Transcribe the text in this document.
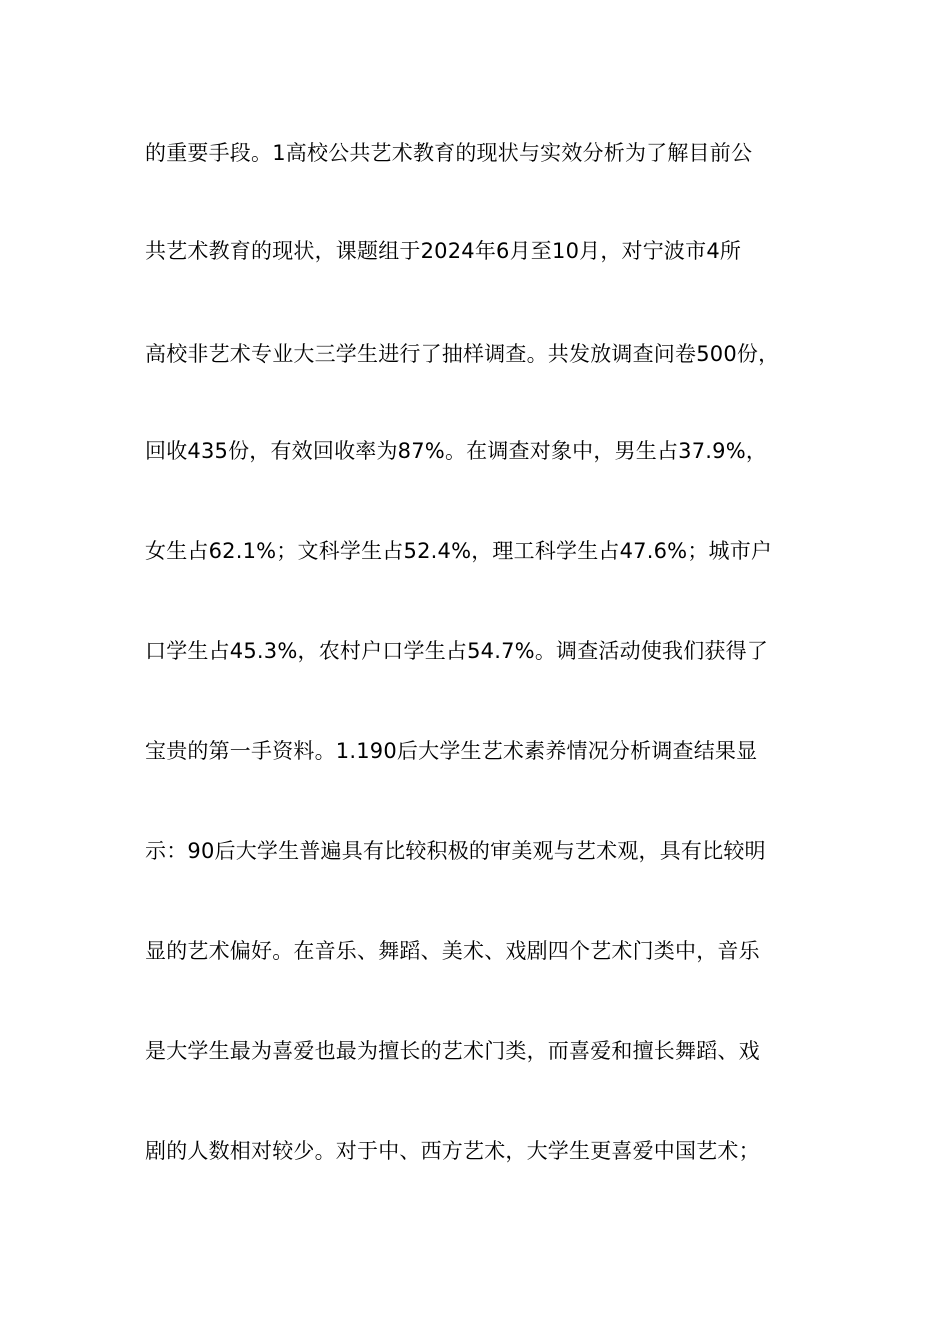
的重要手段。1高校公共艺术教育的现状与实效分析为了解目前公
共艺术教育的现状，课题组于2024年6月至10月，对宁波市4所
高校非艺术专业大三学生进行了抽样调查。共发放调查问卷500份，
回收435份，有效回收率为87%。在调查对象中，男生占37.9%，
女生占62.1%；文科学生占52.4%，理工科学生占47.6%；城市户
口学生占45.3%，农村户口学生占54.7%。调查活动使我们获得了
宝贵的第一手资料。1.190后大学生艺术素养情况分析调查结果显
示：90后大学生普遍具有比较积极的审美观与艺术观，具有比较明
显的艺术偏好。在音乐、舞蹈、美术、戏剧四个艺术门类中，音乐
是大学生最为喜爱也最为擅长的艺术门类，而喜爱和擅长舞蹈、戏
剧的人数相对较少。对于中、西方艺术，大学生更喜爱中国艺术；
